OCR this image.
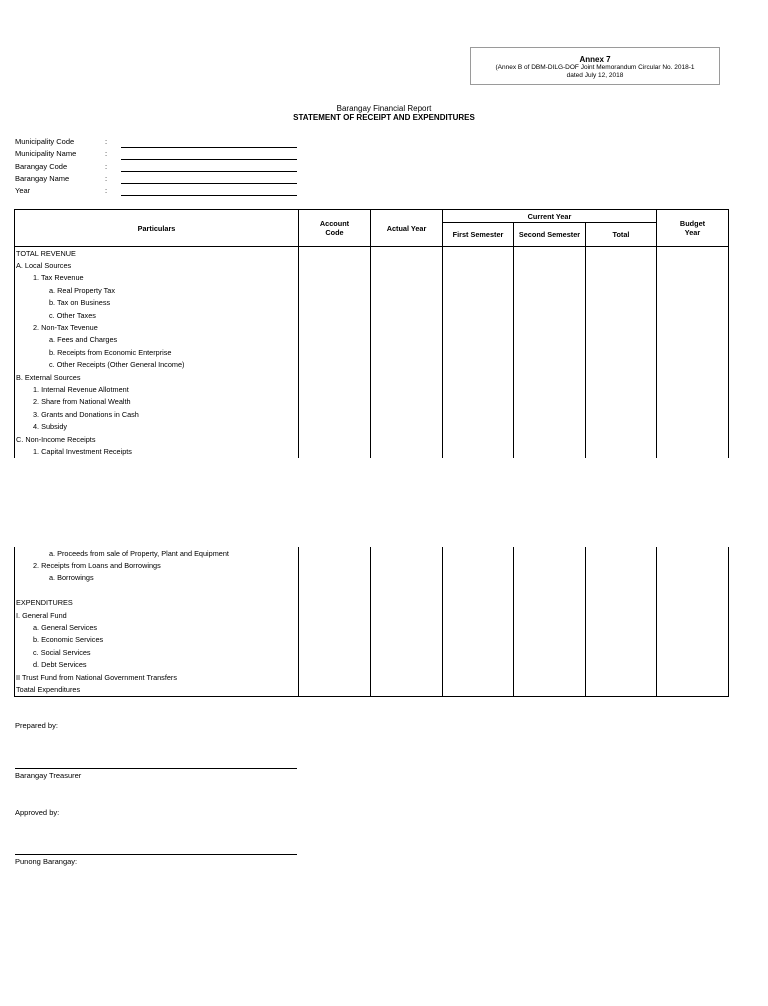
Annex 7
(Annex B of DBM-DILG-DOF Joint Memorandum Circular No. 2018-1
dated July 12, 2018
Barangay Financial Report
STATEMENT OF RECEIPT AND EXPENDITURES
Municipality Code	:
Municipality Name	:
Barangay Code	:
Barangay Name	:
Year	:
Particulars	Account Code	Actual Year	Current Year			Budget Year
			First Semester	Second Semester	Total	
TOTAL REVENUE						
A. Local Sources						
1. Tax Revenue						
a. Real Property Tax						
b. Tax on Business						
c. Other Taxes						
2. Non-Tax Tevenue						
a. Fees and Charges						
b. Receipts from Economic Enterprise						
c. Other Receipts (Other General Income)						
B. External Sources						
1. Internal Revenue Allotment						
2. Share from National Wealth						
3. Grants and Donations in Cash						
4. Subsidy						
C. Non-Income Receipts						
1. Capital Investment Receipts						
a. Proceeds from sale of Property, Plant and Equipment						
2. Receipts from Loans and Borrowings						
a. Borrowings						

EXPENDITURES						
I. General Fund						
a. General Services						
b. Economic Services						
c. Social Services						
d. Debt Services						
II Trust Fund from National Government Transfers						
Toatal Expenditures						
Prepared by:
Barangay Treasurer
Approved by:
Punong Barangay:
